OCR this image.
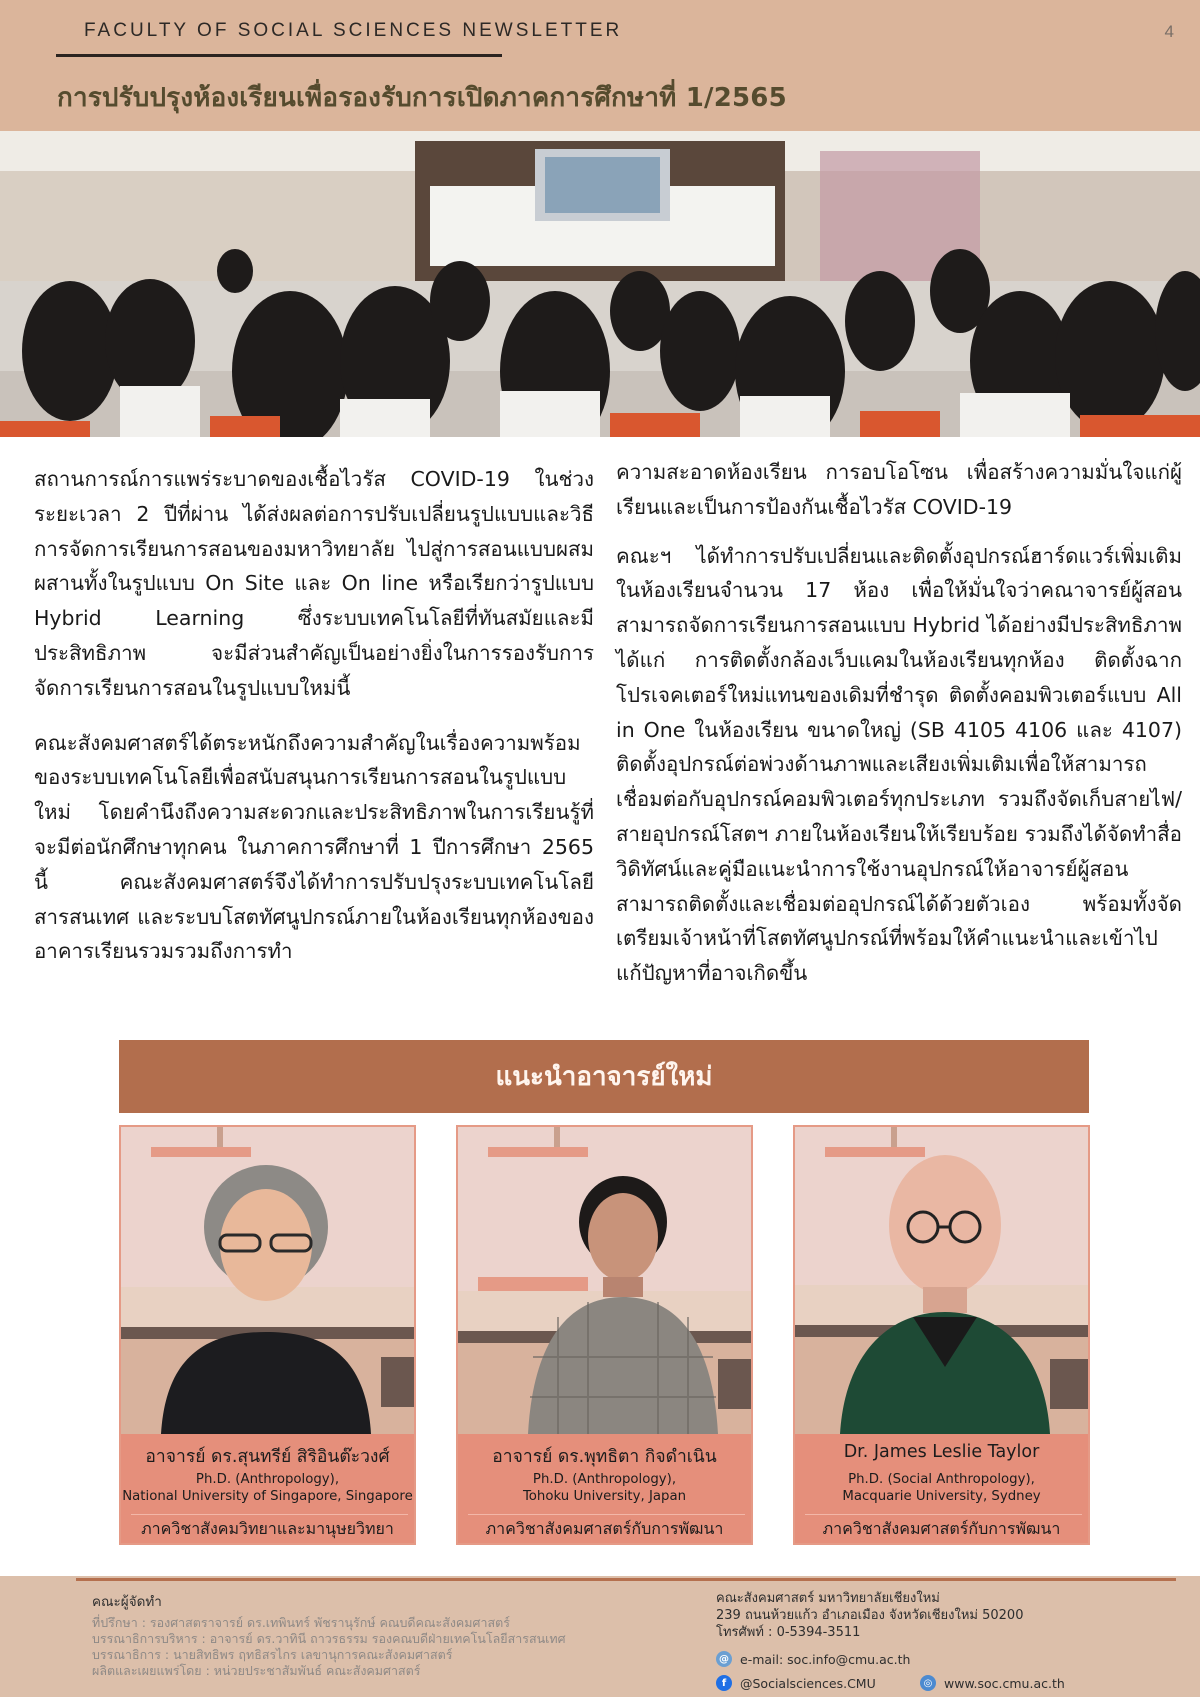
FACULTY OF SOCIAL SCIENCES NEWSLETTER	4
การปรับปรุงห้องเรียนเพื่อรองรับการเปิดภาคการศึกษาที่ 1/2565

สถานการณ์การแพร่ระบาดของเชื้อไวรัส COVID-19 ในช่วงระยะเวลา 2 ปีที่ผ่าน ได้ส่งผลต่อการปรับเปลี่ยนรูปแบบและวิธีการจัดการเรียนการสอนของมหาวิทยาลัย ไปสู่การสอนแบบผสมผสานทั้งในรูปแบบ On Site และ On line หรือเรียกว่ารูปแบบ Hybrid Learning ซึ่งระบบเทคโนโลยีที่ทันสมัยและมีประสิทธิภาพ จะมีส่วนสำคัญเป็นอย่างยิ่งในการรองรับการจัดการเรียนการสอนในรูปแบบใหม่นี้

คณะสังคมศาสตร์ได้ตระหนักถึงความสำคัญในเรื่องความพร้อมของระบบเทคโนโลยีเพื่อสนับสนุนการเรียนการสอนในรูปแบบใหม่ โดยคำนึงถึงความสะดวกและประสิทธิภาพในการเรียนรู้ที่จะมีต่อนักศึกษาทุกคน ในภาคการศึกษาที่ 1 ปีการศึกษา 2565 นี้ คณะสังคมศาสตร์จึงได้ทำการปรับปรุงระบบเทคโนโลยีสารสนเทศ และระบบโสตทัศนูปกรณ์ภายในห้องเรียนทุกห้องของอาคารเรียนรวมรวมถึงการทำ

ความสะอาดห้องเรียน การอบโอโซน เพื่อสร้างความมั่นใจแก่ผู้เรียนและเป็นการป้องกันเชื้อไวรัส COVID-19

คณะฯ ได้ทำการปรับเปลี่ยนและติดตั้งอุปกรณ์ฮาร์ดแวร์เพิ่มเติมในห้องเรียนจำนวน 17 ห้อง เพื่อให้มั่นใจว่าคณาจารย์ผู้สอนสามารถจัดการเรียนการสอนแบบ Hybrid ได้อย่างมีประสิทธิภาพ ได้แก่ การติดตั้งกล้องเว็บแคมในห้องเรียนทุกห้อง ติดตั้งฉากโปรเจคเตอร์ใหม่แทนของเดิมที่ชำรุด ติดตั้งคอมพิวเตอร์แบบ All in One ในห้องเรียน ขนาดใหญ่ (SB 4105 4106 และ 4107) ติดตั้งอุปกรณ์ต่อพ่วงด้านภาพและเสียงเพิ่มเติมเพื่อให้สามารถเชื่อมต่อกับอุปกรณ์คอมพิวเตอร์ทุกประเภท รวมถึงจัดเก็บสายไฟ/สายอุปกรณ์โสตฯ ภายในห้องเรียนให้เรียบร้อย รวมถึงได้จัดทำสื่อวิดิทัศน์และคู่มือแนะนำการใช้งานอุปกรณ์ให้อาจารย์ผู้สอนสามารถติดตั้งและเชื่อมต่ออุปกรณ์ได้ด้วยตัวเอง พร้อมทั้งจัดเตรียมเจ้าหน้าที่โสตทัศนูปกรณ์ที่พร้อมให้คำแนะนำและเข้าไปแก้ปัญหาที่อาจเกิดขึ้น

แนะนำอาจารย์ใหม่
อาจารย์ ดร.สุนทรีย์ สิริอินต๊ะวงศ์
Ph.D. (Anthropology),
National University of Singapore, Singapore
ภาควิชาสังคมวิทยาและมานุษยวิทยา
อาจารย์ ดร.พุทธิตา กิจดำเนิน
Ph.D. (Anthropology),
Tohoku University, Japan
ภาควิชาสังคมศาสตร์กับการพัฒนา
Dr. James Leslie Taylor
Ph.D. (Social Anthropology),
Macquarie University, Sydney
ภาควิชาสังคมศาสตร์กับการพัฒนา
คณะผู้จัดทำ
ที่ปรึกษา : รองศาสตราจารย์ ดร.เทพินทร์ พัชรานุรักษ์ คณบดีคณะสังคมศาสตร์
บรรณาธิการบริหาร : อาจารย์ ดร.วาทินี ถาวรธรรม รองคณบดีฝ่ายเทคโนโลยีสารสนเทศ
บรรณาธิการ : นายสิทธิพร ฤทธิสรไกร เลขานุการคณะสังคมศาสตร์
ผลิตและเผยแพร่โดย : หน่วยประชาสัมพันธ์ คณะสังคมศาสตร์
คณะสังคมศาสตร์ มหาวิทยาลัยเชียงใหม่
239 ถนนห้วยแก้ว อำเภอเมือง จังหวัดเชียงใหม่ 50200
โทรศัพท์ : 0-5394-3511
@ e-mail: soc.info@cmu.ac.th
f	@Socialsciences.CMU	◎ www.soc.cmu.ac.th
